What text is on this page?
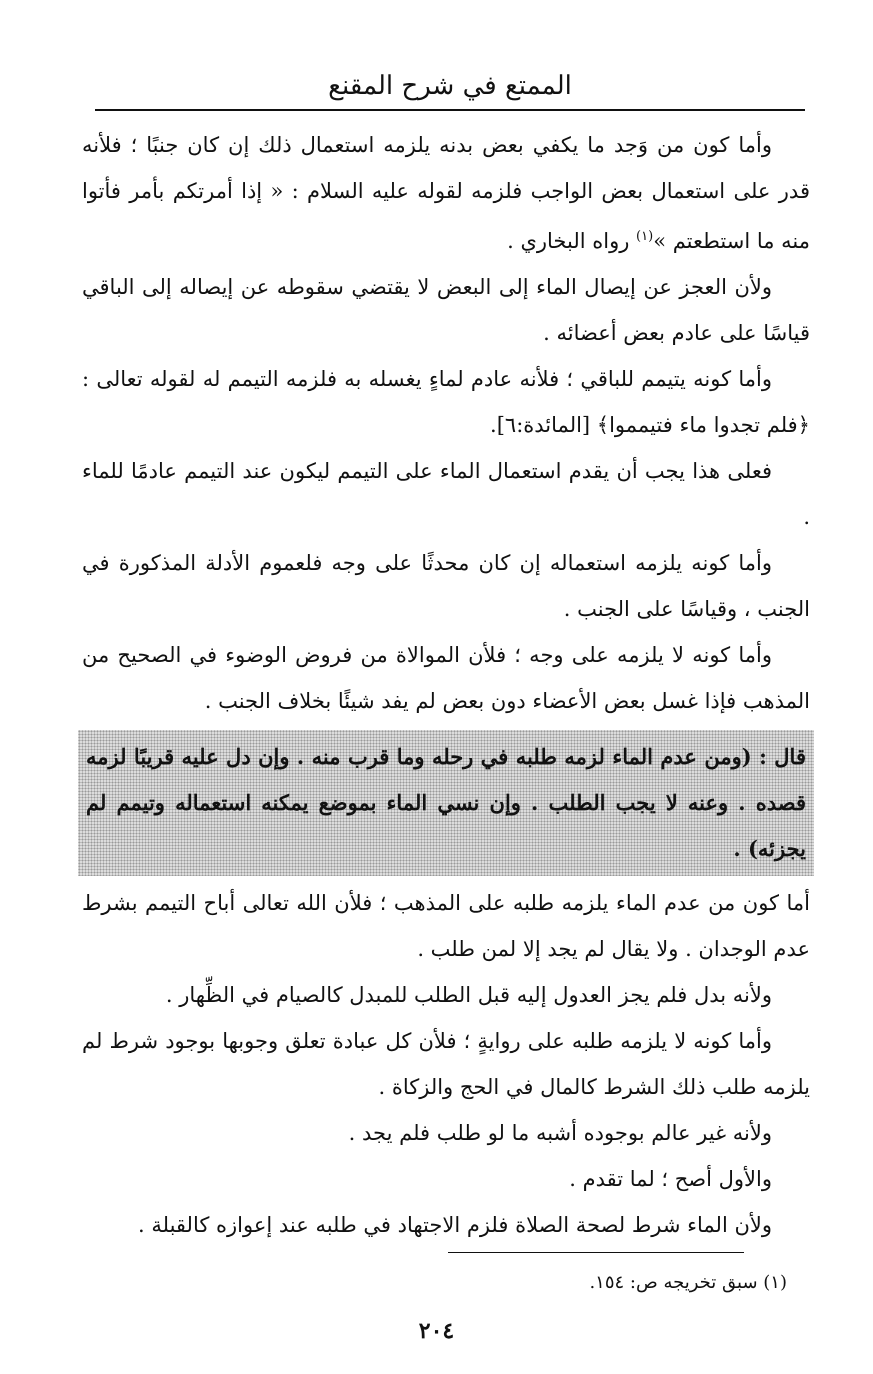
الممتع في شرح المقنع

وأما كون من وَجد ما يكفي بعض بدنه يلزمه استعمال ذلك إن كان جنبًا ؛ فلأنه قدر على استعمال بعض الواجب فلزمه لقوله عليه السلام : « إذا أمرتكم بأمر فأتوا منه ما استطعتم »$^{(١)}$ رواه البخاري .

ولأن العجز عن إيصال الماء إلى البعض لا يقتضي سقوطه عن إيصاله إلى الباقي قياسًا على عادم بعض أعضائه .

وأما كونه يتيمم للباقي ؛ فلأنه عادم لماءٍ يغسله به فلزمه التيمم له لقوله تعالى : ﴿فلم تجدوا ماء فتيمموا﴾ [المائدة:٦].

فعلى هذا يجب أن يقدم استعمال الماء على التيمم ليكون عند التيمم عادمًا للماء .

وأما كونه يلزمه استعماله إن كان محدثًا على وجه فلعموم الأدلة المذكورة في الجنب ، وقياسًا على الجنب .

وأما كونه لا يلزمه على وجه ؛ فلأن الموالاة من فروض الوضوء في الصحيح من المذهب فإذا غسل بعض الأعضاء دون بعض لم يفد شيئًا بخلاف الجنب .

قال : (ومن عدم الماء لزمه طلبه في رحله وما قرب منه . وإن دل عليه قريبًا لزمه قصده . وعنه لا يجب الطلب . وإن نسي الماء بموضع يمكنه استعماله وتيمم لم يجزئه) .

أما كون من عدم الماء يلزمه طلبه على المذهب ؛ فلأن الله تعالى أباح التيمم بشرط عدم الوجدان . ولا يقال لم يجد إلا لمن طلب .

ولأنه بدل فلم يجز العدول إليه قبل الطلب للمبدل كالصيام في الظِّهار .

وأما كونه لا يلزمه طلبه على روايةٍ ؛ فلأن كل عبادة تعلق وجوبها بوجود شرط لم يلزمه طلب ذلك الشرط كالمال في الحج والزكاة .

ولأنه غير عالم بوجوده أشبه ما لو طلب فلم يجد .

والأول أصح ؛ لما تقدم .

ولأن الماء شرط لصحة الصلاة فلزم الاجتهاد في طلبه عند إعوازه كالقبلة .

(١) سبق تخريجه ص: ١٥٤.
٢٠٤
